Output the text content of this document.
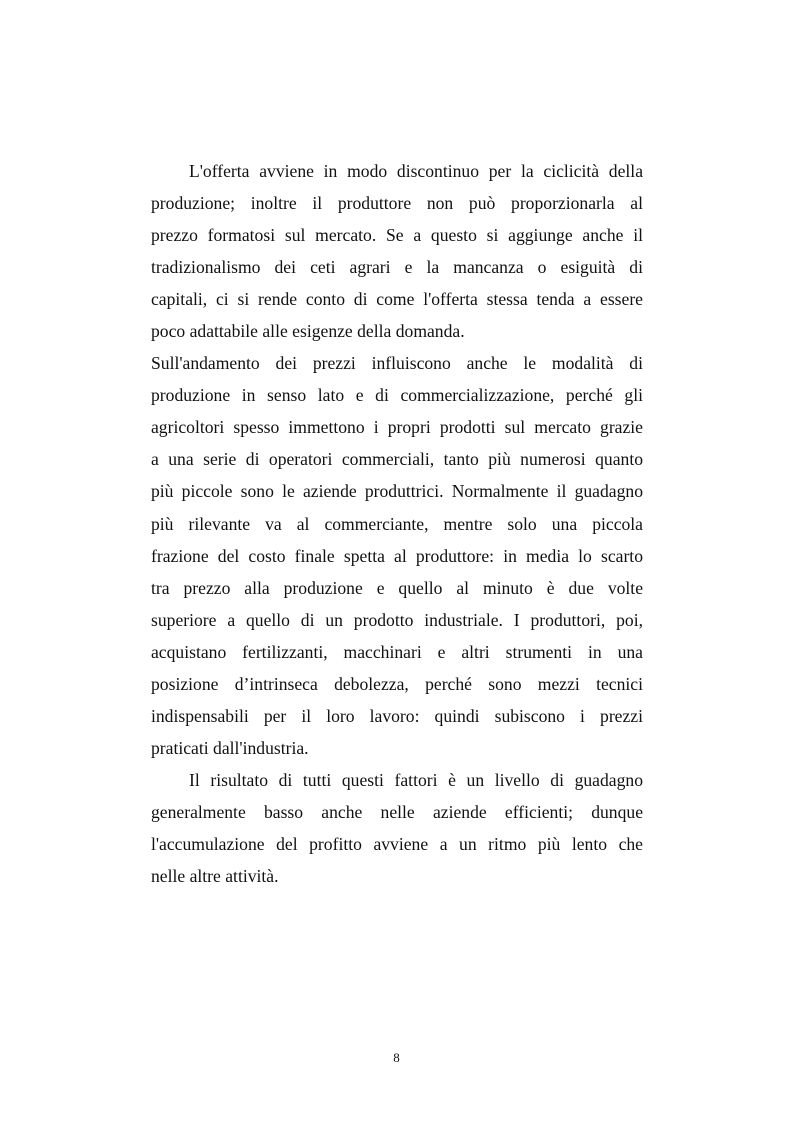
L'offerta avviene in modo discontinuo per la ciclicità della
produzione; inoltre il produttore non può proporzionarla al
prezzo formatosi sul mercato. Se a questo si aggiunge anche il
tradizionalismo dei ceti agrari e la mancanza o esiguità di
capitali, ci si rende conto di come l'offerta stessa tenda a essere
poco adattabile alle esigenze della domanda.
Sull'andamento dei prezzi influiscono anche le modalità di
produzione in senso lato e di commercializzazione, perché gli
agricoltori spesso immettono i propri prodotti sul mercato grazie
a una serie di operatori commerciali, tanto più numerosi quanto
più piccole sono le aziende produttrici. Normalmente il guadagno
più rilevante va al commerciante, mentre solo una piccola
frazione del costo finale spetta al produttore: in media lo scarto
tra prezzo alla produzione e quello al minuto è due volte
superiore a quello di un prodotto industriale. I produttori, poi,
acquistano fertilizzanti, macchinari e altri strumenti in una
posizione d’intrinseca debolezza, perché sono mezzi tecnici
indispensabili per il loro lavoro: quindi subiscono i prezzi
praticati dall'industria.
Il risultato di tutti questi fattori è un livello di guadagno
generalmente basso anche nelle aziende efficienti; dunque
l'accumulazione del profitto avviene a un ritmo più lento che
nelle altre attività.
8
